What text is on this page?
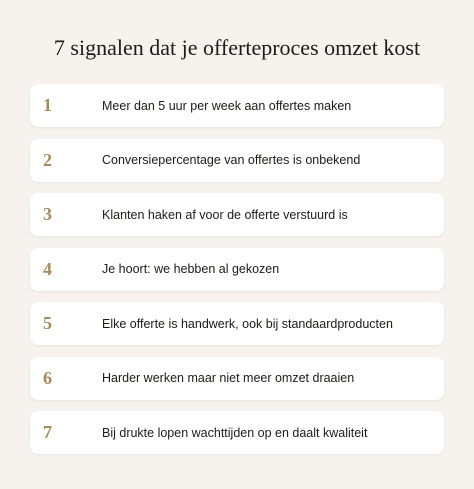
7 signalen dat je offerteproces omzet kost
1	Meer dan 5 uur per week aan offertes maken
2	Conversiepercentage van offertes is onbekend
3	Klanten haken af voor de offerte verstuurd is
4	Je hoort: we hebben al gekozen
5	Elke offerte is handwerk, ook bij standaardproducten
6	Harder werken maar niet meer omzet draaien
7	Bij drukte lopen wachttijden op en daalt kwaliteit
